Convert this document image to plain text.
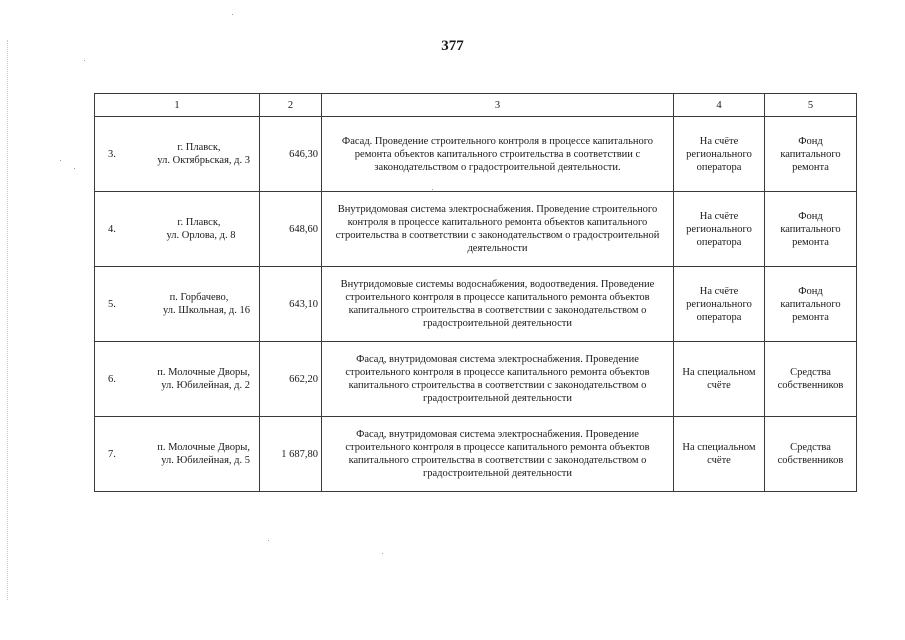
377
1	2	3	4	5

3.	
г. Плавск,
ул. Октябрьская, д. 3
	646,30	Фасад. Проведение строительного контроля в процессе капитального ремонта объектов капитального строительства в соответствии с законодательством о градостроительной деятельности.	На счёте регионального оператора	Фонд капитального ремонта

4.	
г. Плавск,
ул. Орлова, д. 8
	648,60	Внутридомовая система электроснабжения. Проведение строительного контроля в процессе капитального ремонта объектов капитального строительства в соответствии с законодательством о градостроительной деятельности	На счёте регионального оператора	Фонд капитального ремонта

5.	
п. Горбачево,
ул. Школьная, д. 16
	643,10	Внутридомовые системы водоснабжения, водоотведения. Проведение строительного контроля в процессе капитального ремонта объектов капитального строительства в соответствии с законодательством о градостроительной деятельности	На счёте регионального оператора	Фонд капитального ремонта

6.	
п. Молочные Дворы,
ул. Юбилейная, д. 2
	662,20	Фасад, внутридомовая система электроснабжения. Проведение строительного контроля в процессе капитального ремонта объектов капитального строительства в соответствии с законодательством о градостроительной деятельности	На специальном счёте	Средства собственников

7.	
п. Молочные Дворы,
ул. Юбилейная, д. 5
	1 687,80	Фасад, внутридомовая система электроснабжения. Проведение строительного контроля в процессе капитального ремонта объектов капитального строительства в соответствии с законодательством о градостроительной деятельности	На специальном счёте	Средства собственников
